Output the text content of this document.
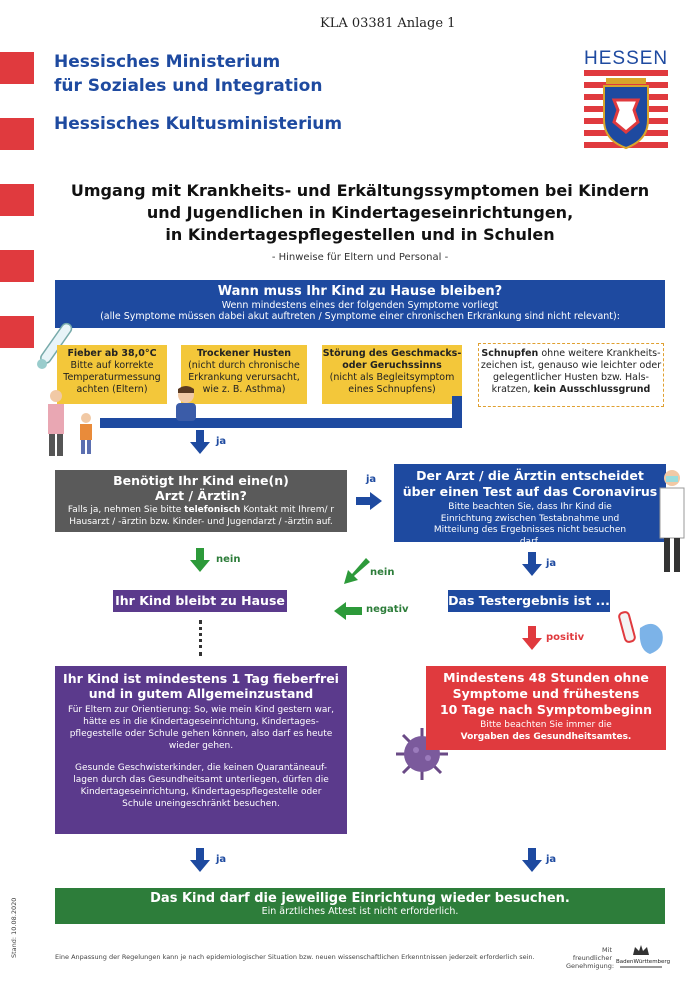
KLA 03381 Anlage 1
Hessisches Ministerium
für Soziales und Integration
Hessisches Kultusministerium
HESSEN
Umgang mit Krankheits- und Erkältungssymptomen bei Kindern
und Jugendlichen in Kindertageseinrichtungen,
in Kindertagespflegestellen und in Schulen
- Hinweise für Eltern und Personal -
Wann muss Ihr Kind zu Hause bleiben?
Wenn mindestens eines der folgenden Symptome vorliegt
(alle Symptome müssen dabei akut auftreten / Symptome einer chronischen Erkrankung sind nicht relevant):
Fieber ab 38,0°C
Bitte auf korrekte Temperaturmessung achten (Eltern)
Trockener Husten
(nicht durch chronische Erkrankung verursacht, wie z. B. Asthma)
Störung des Geschmacks- oder Geruchssinns
(nicht als Begleitsymptom eines Schnupfens)
Schnupfen ohne weitere Krankheits-zeichen ist, genauso wie leichter oder gelegentlicher Husten bzw. Hals-kratzen, kein Ausschlussgrund
ja
Benötigt Ihr Kind eine(n)
Arzt / Ärztin?
Falls ja, nehmen Sie bitte telefonisch Kontakt mit Ihrem/ r Hausarzt / -ärztin bzw. Kinder- und Jugendarzt / -ärztin auf.
ja	Der Arzt / die Ärztin entscheidet über einen Test auf das Coronavirus
Bitte beachten Sie, dass Ihr Kind die Einrichtung zwischen Testabnahme und Mitteilung des Ergebnisses nicht besuchen darf.
nein	ja
nein
Ihr Kind bleibt zu Hause
negativ
Das Testergebnis ist ...
positiv
Ihr Kind ist mindestens 1 Tag fieberfrei
und in gutem Allgemeinzustand
Für Eltern zur Orientierung: So, wie mein Kind gestern war, hätte es in die Kindertageseinrichtung, Kindertages-pflegestelle oder Schule gehen können, also darf es heute wieder gehen.
Gesunde Geschwisterkinder, die keinen Quarantäneauf-lagen durch das Gesundheitsamt unterliegen, dürfen die Kindertageseinrichtung, Kindertagespflegestelle oder Schule uneingeschränkt besuchen.
Mindestens 48 Stunden ohne
Symptome und frühestens
10 Tage nach Symptombeginn
Bitte beachten Sie immer die
Vorgaben des Gesundheitsamtes.
ja	ja
Das Kind darf die jeweilige Einrichtung wieder besuchen.
Ein ärztliches Attest ist nicht erforderlich.
Stand: 10.08.2020	Eine Anpassung der Regelungen kann je nach epidemiologischer Situation bzw. neuen wissenschaftlichen Erkenntnissen jederzeit erforderlich sein.
Mit freundlicher
Genehmigung: BadenWürttemberg
